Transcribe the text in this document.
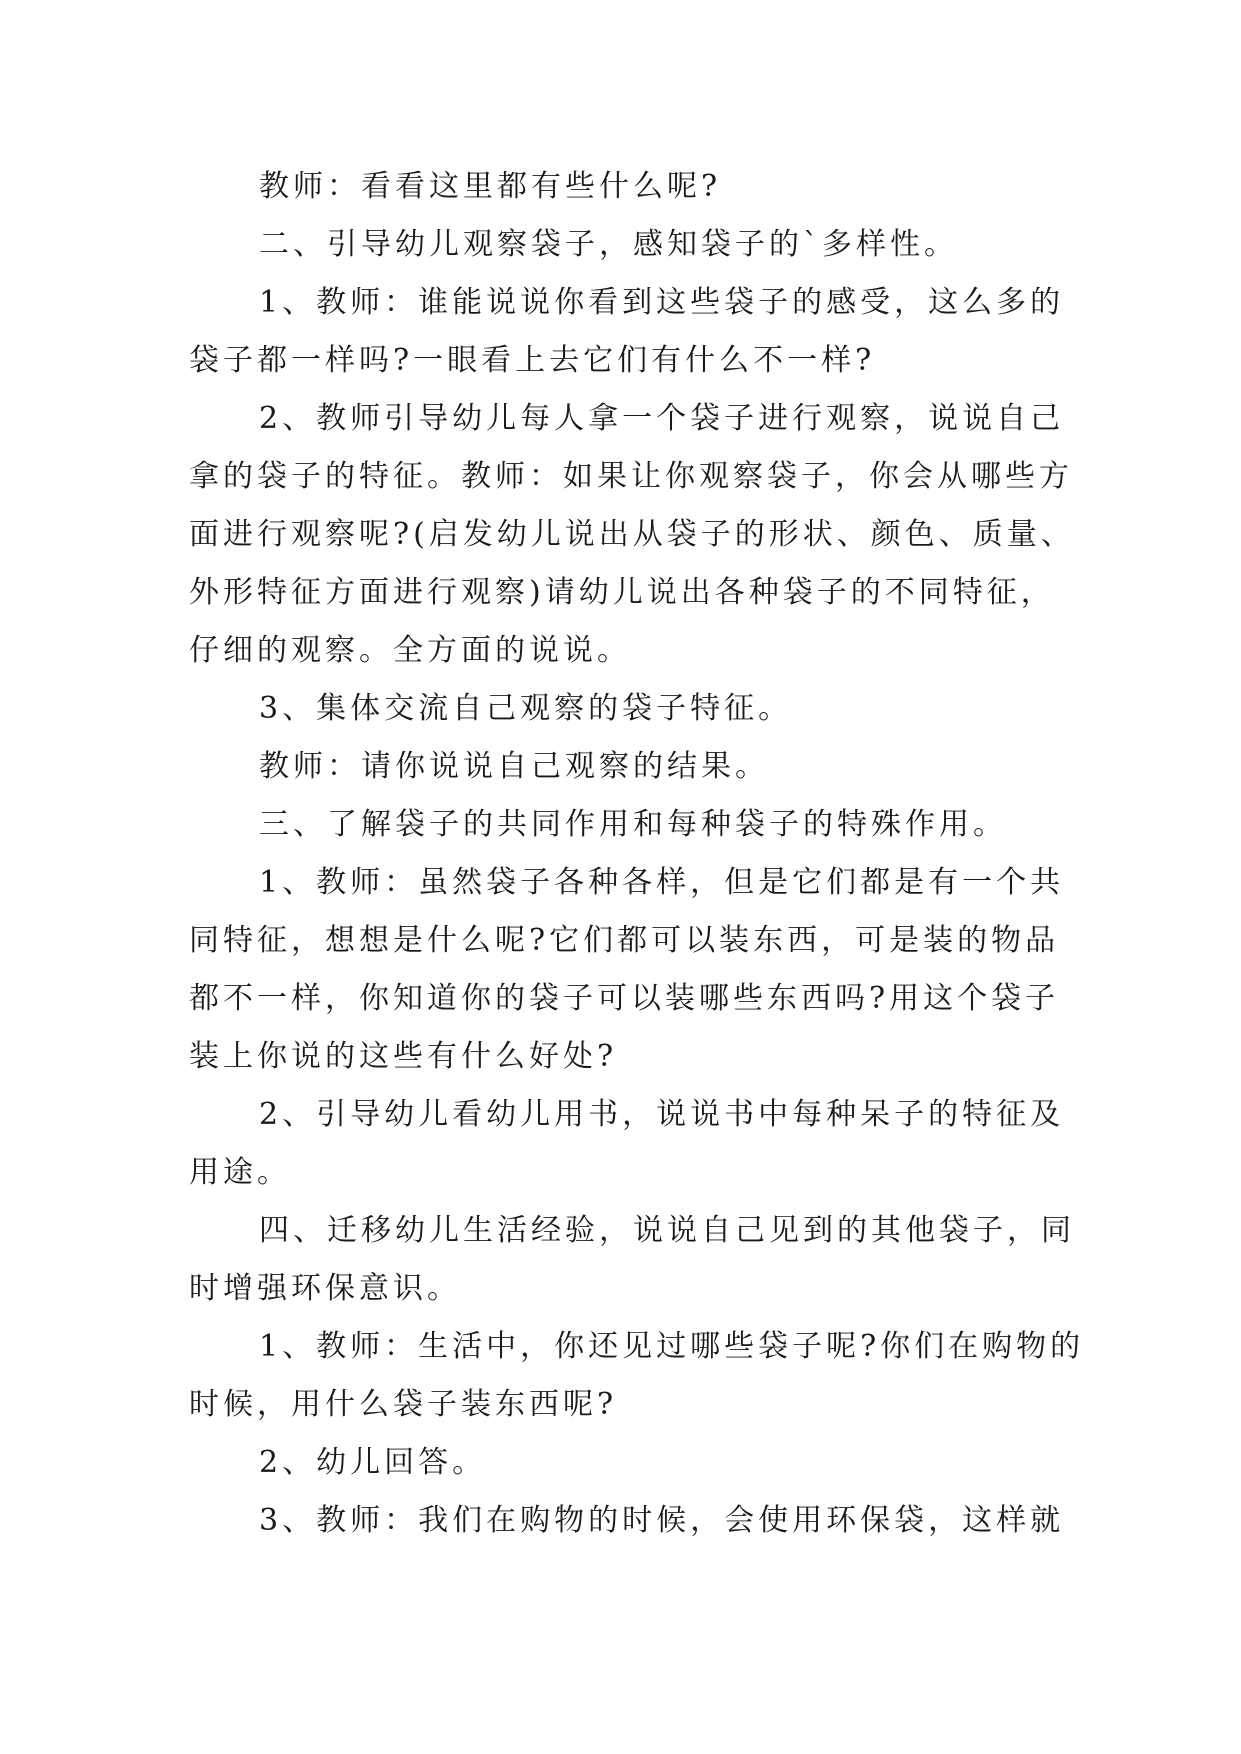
教师：看看这里都有些什么呢?
二、引导幼儿观察袋子，感知袋子的`多样性。
1、教师：谁能说说你看到这些袋子的感受，这么多的
袋子都一样吗?一眼看上去它们有什么不一样?
2、教师引导幼儿每人拿一个袋子进行观察，说说自己
拿的袋子的特征。教师：如果让你观察袋子，你会从哪些方
面进行观察呢?(启发幼儿说出从袋子的形状、颜色、质量、
外形特征方面进行观察)请幼儿说出各种袋子的不同特征，
仔细的观察。全方面的说说。
3、集体交流自己观察的袋子特征。
教师：请你说说自己观察的结果。
三、了解袋子的共同作用和每种袋子的特殊作用。
1、教师：虽然袋子各种各样，但是它们都是有一个共
同特征，想想是什么呢?它们都可以装东西，可是装的物品
都不一样，你知道你的袋子可以装哪些东西吗?用这个袋子
装上你说的这些有什么好处?
2、引导幼儿看幼儿用书，说说书中每种呆子的特征及
用途。
四、迁移幼儿生活经验，说说自己见到的其他袋子，同
时增强环保意识。
1、教师：生活中，你还见过哪些袋子呢?你们在购物的
时候，用什么袋子装东西呢?
2、幼儿回答。
3、教师：我们在购物的时候，会使用环保袋，这样就
